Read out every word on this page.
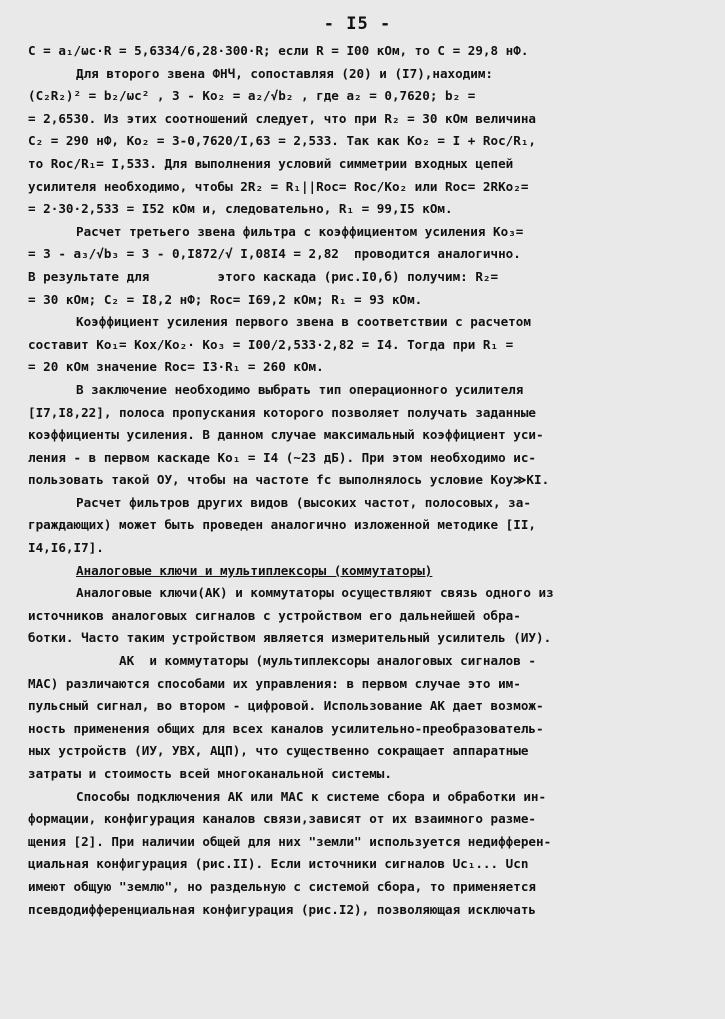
- I5 -
C = a₁/ωc·R = 5,6334/6,28·300·R; если R = I00 кОм, то C = 29,8 нФ.
Для второго звена ФНЧ, сопоставляя (20) и (I7),находим:
(C₂R₂)² = b₂/ωc² , 3 - Ko₂ = a₂/√b₂ , где a₂ = 0,7620; b₂ =
= 2,6530. Из этих соотношений следует, что при R₂ = 30 кОм величина
C₂ = 290 нФ, Ko₂ = 3-0,7620/I,63 = 2,533. Так как Ko₂ = I + Roc/R₁,
то Roc/R₁= I,533. Для выполнения условий симметрии входных цепей
усилителя необходимо, чтобы 2R₂ = R₁||Roc= Roc/Ko₂ или Roc= 2RKo₂=
= 2·30·2,533 = I52 кОм и, следовательно, R₁ = 99,I5 кОм.
Расчет третьего звена фильтра с коэффициентом усиления Ko₃=
= 3 - a₃/√b₃ = 3 - 0,I872/√ I,08I4 = 2,82  проводится аналогично.
В результате для         этого каскада (рис.I0,б) получим: R₂=
= 30 кОм; C₂ = I8,2 нФ; Roc= I69,2 кОм; R₁ = 93 кОм.
Коэффициент усиления первого звена в соответствии с расчетом
составит Ko₁= Kox/Ko₂· Ko₃ = I00/2,533·2,82 = I4. Тогда при R₁ =
= 20 кОм значение Roc= I3·R₁ = 260 кОм.
В заключение необходимо выбрать тип операционного усилителя
[I7,I8,22], полоса пропускания которого позволяет получать заданные
коэффициенты усиления. В данном случае максимальный коэффициент уси-
ления - в первом каскаде Ko₁ = I4 (~23 дБ). При этом необходимо ис-
пользовать такой ОУ, чтобы на частоте fc выполнялось условие Koy≫KI.
Расчет фильтров других видов (высоких частот, полосовых, за-
граждающих) может быть проведен аналогично изложенной методике [II,
I4,I6,I7].
Аналоговые ключи и мультиплексоры (коммутаторы)
Аналоговые ключи(АК) и коммутаторы осуществляют связь одного из
источников аналоговых сигналов с устройством его дальнейшей обра-
ботки. Часто таким устройством является измерительный усилитель (ИУ).
АК  и коммутаторы (мультиплексоры аналоговых сигналов -
МАС) различаются способами их управления: в первом случае это им-
пульсный сигнал, во втором - цифровой. Использование АК дает возмож-
ность применения общих для всех каналов усилительно-преобразователь-
ных устройств (ИУ, УВХ, АЦП), что существенно сокращает аппаратные
затраты и стоимость всей многоканальной системы.
Способы подключения АК или МАС к системе сбора и обработки ин-
формации, конфигурация каналов связи,зависят от их взаимного разме-
щения [2]. При наличии общей для них "земли" используется недифферен-
циальная конфигурация (рис.II). Если источники сигналов Uc₁... Ucn
имеют общую "землю", но раздельную с системой сбора, то применяется
псевдодифференциальная конфигурация (рис.I2), позволяющая исключать
